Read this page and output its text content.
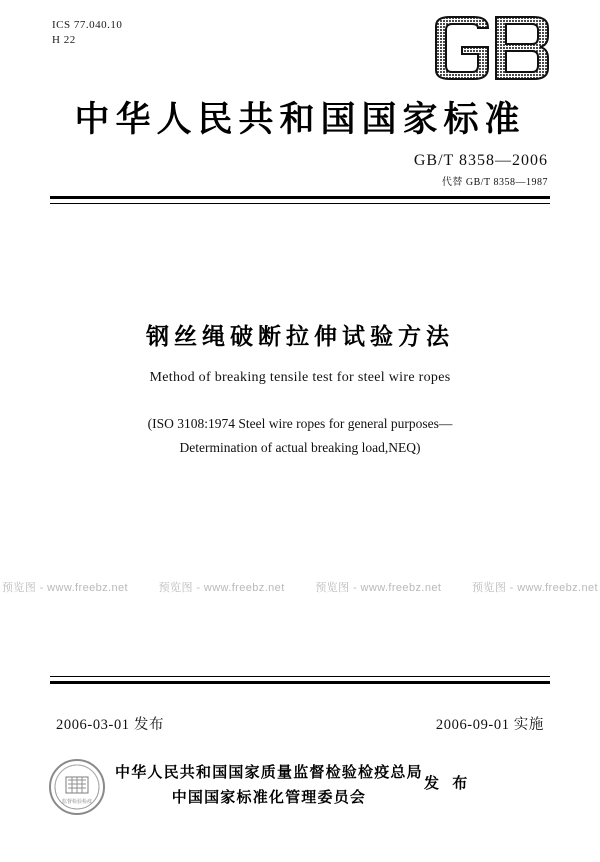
ICS 77.040.10
H 22
中华人民共和国国家标准
GB/T 8358—2006
代替 GB/T 8358—1987
钢丝绳破断拉伸试验方法
Method of breaking tensile test for steel wire ropes
(ISO 3108:1974 Steel wire ropes for general purposes—
Determination of actual breaking load,NEQ)
预览图 - www.freebz.net	预览图 - www.freebz.net	预览图 - www.freebz.net	预览图 - www.freebz.net
2006-03-01 发布	2006-09-01 实施
监督检验检疫
中华人民共和国国家质量监督检验检疫总局
中国国家标准化管理委员会
发 布
